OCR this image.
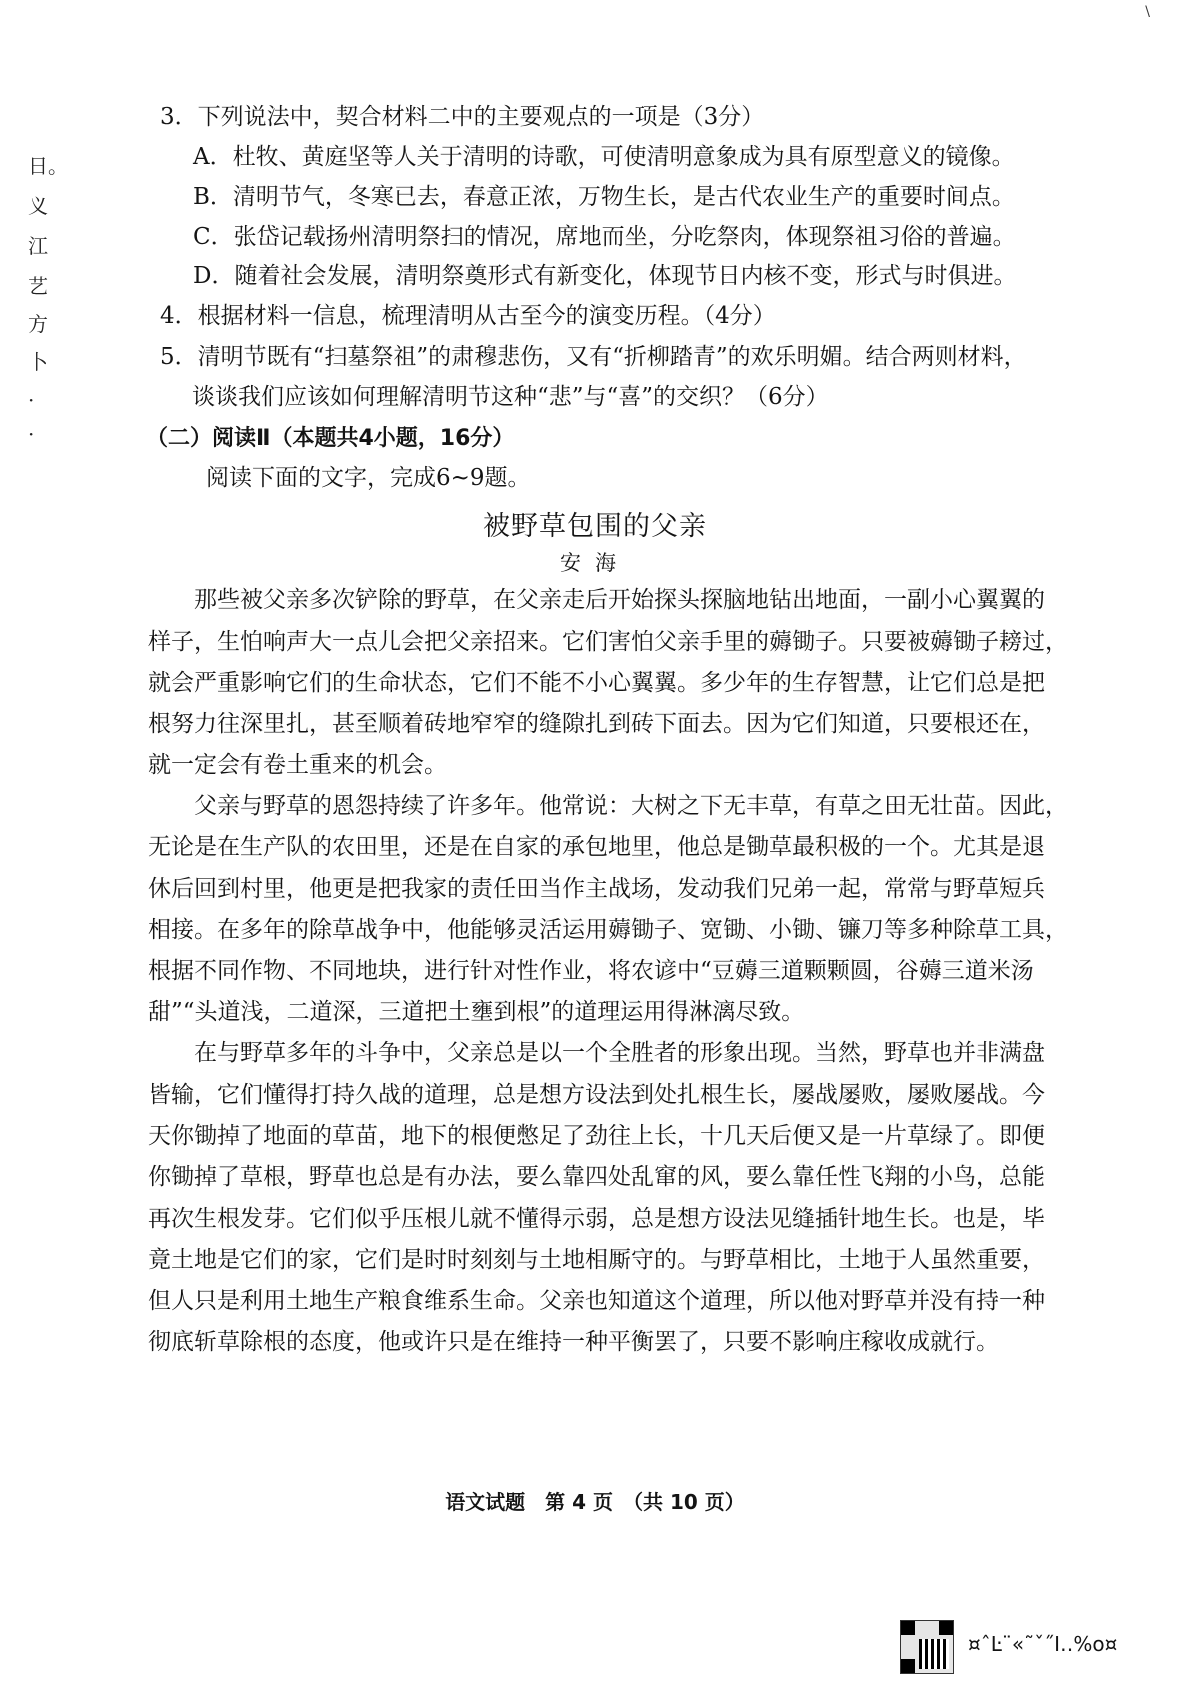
\
日。
义
江
艺
方
卜
·
·
3．下列说法中，契合材料二中的主要观点的一项是（3分）
A．杜牧、黄庭坚等人关于清明的诗歌，可使清明意象成为具有原型意义的镜像。
B．清明节气，冬寒已去，春意正浓，万物生长，是古代农业生产的重要时间点。
C．张岱记载扬州清明祭扫的情况，席地而坐，分吃祭肉，体现祭祖习俗的普遍。
D．随着社会发展，清明祭奠形式有新变化，体现节日内核不变，形式与时俱进。
4．根据材料一信息，梳理清明从古至今的演变历程。（4分）
5．清明节既有“扫墓祭祖”的肃穆悲伤，又有“折柳踏青”的欢乐明媚。结合两则材料，
谈谈我们应该如何理解清明节这种“悲”与“喜”的交织？（6分）
（二）阅读Ⅱ（本题共4小题，16分）
阅读下面的文字，完成6~9题。
被野草包围的父亲
安海
那些被父亲多次铲除的野草，在父亲走后开始探头探脑地钻出地面，一副小心翼翼的
样子，生怕响声大一点儿会把父亲招来。它们害怕父亲手里的薅锄子。只要被薅锄子耪过，
就会严重影响它们的生命状态，它们不能不小心翼翼。多少年的生存智慧，让它们总是把
根努力往深里扎，甚至顺着砖地窄窄的缝隙扎到砖下面去。因为它们知道，只要根还在，
就一定会有卷土重来的机会。
父亲与野草的恩怨持续了许多年。他常说：大树之下无丰草，有草之田无壮苗。因此，
无论是在生产队的农田里，还是在自家的承包地里，他总是锄草最积极的一个。尤其是退
休后回到村里，他更是把我家的责任田当作主战场，发动我们兄弟一起，常常与野草短兵
相接。在多年的除草战争中，他能够灵活运用薅锄子、宽锄、小锄、镰刀等多种除草工具，
根据不同作物、不同地块，进行针对性作业，将农谚中“豆薅三道颗颗圆，谷薅三道米汤
甜”“头道浅，二道深，三道把土壅到根”的道理运用得淋漓尽致。
在与野草多年的斗争中，父亲总是以一个全胜者的形象出现。当然，野草也并非满盘
皆输，它们懂得打持久战的道理，总是想方设法到处扎根生长，屡战屡败，屡败屡战。今
天你锄掉了地面的草苗，地下的根便憋足了劲往上长，十几天后便又是一片草绿了。即便
你锄掉了草根，野草也总是有办法，要么靠四处乱窜的风，要么靠任性飞翔的小鸟，总能
再次生根发芽。它们似乎压根儿就不懂得示弱，总是想方设法见缝插针地生长。也是，毕
竟土地是它们的家，它们是时时刻刻与土地相厮守的。与野草相比，土地于人虽然重要，
但人只是利用土地生产粮食维系生命。父亲也知道这个道理，所以他对野草并没有持一种
彻底斩草除根的态度，他或许只是在维持一种平衡罢了，只要不影响庄稼收成就行。
语文试题　第 4 页　（共 10 页）
¤ˆĿ¨«˜ˇ˝Ⅰ‥%o¤
